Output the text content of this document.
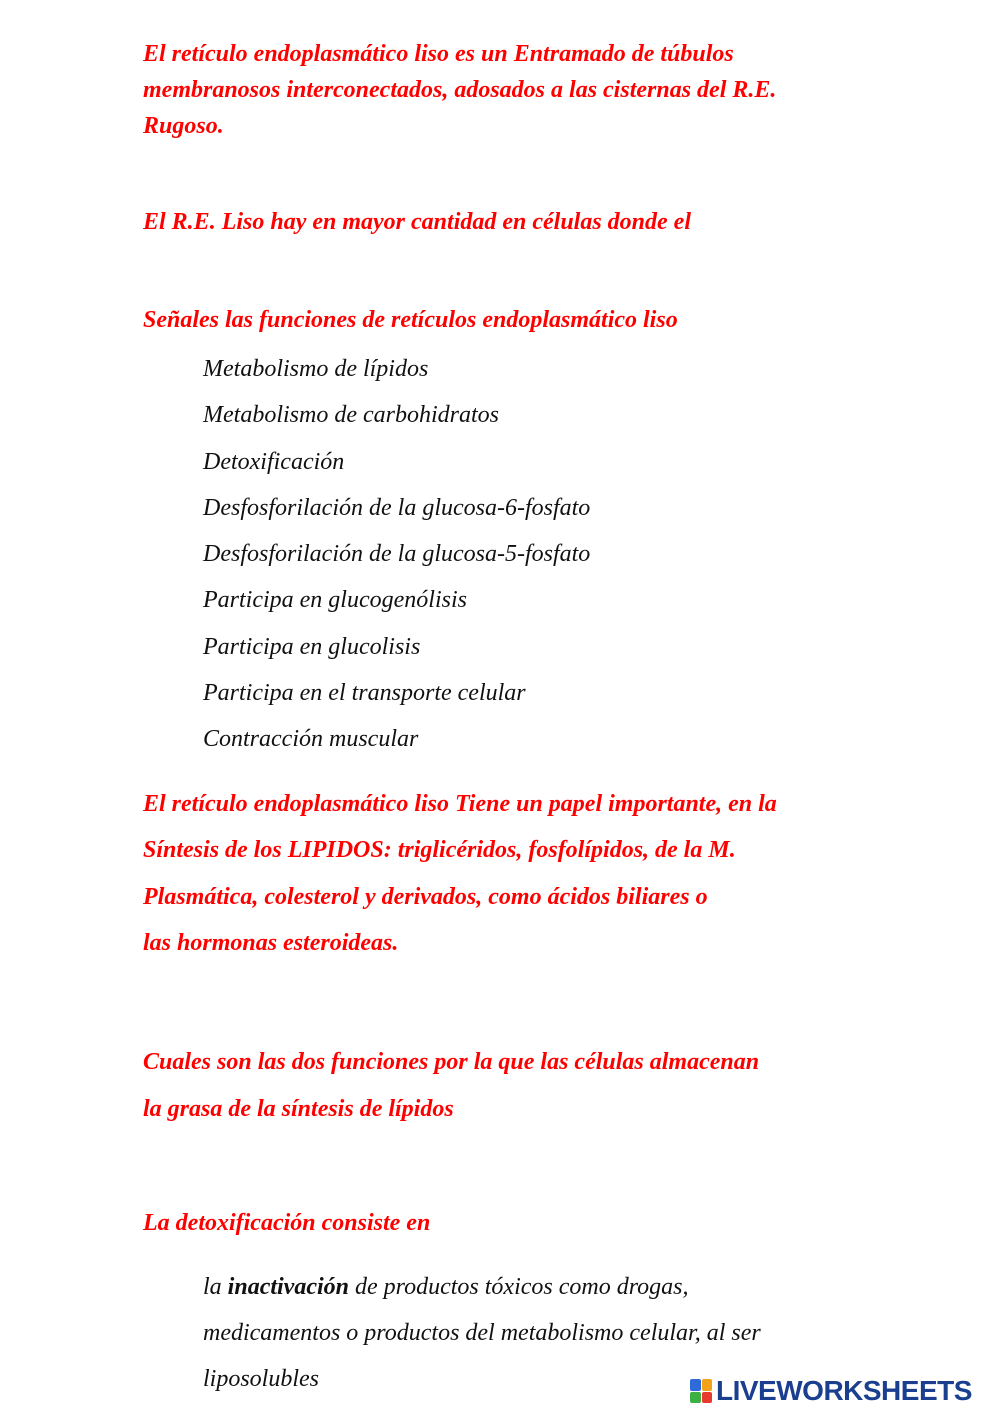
El retículo endoplasmático liso es un Entramado de túbulos
membranosos interconectados, adosados a las cisternas del R.E.
Rugoso.

El R.E. Liso hay en mayor cantidad en células donde el

Señales las funciones de retículos endoplasmático liso

Metabolismo de lípidos
Metabolismo de carbohidratos
Detoxificación
Desfosforilación de la glucosa-6-fosfato
Desfosforilación de la glucosa-5-fosfato
Participa en glucogenólisis
Participa en glucolisis
Participa en el transporte celular
Contracción muscular

El retículo endoplasmático liso Tiene un papel importante, en la
Síntesis de los LIPIDOS: triglicéridos, fosfolípidos, de la M.
Plasmática, colesterol y derivados, como ácidos biliares o
las hormonas esteroideas.

Cuales son las dos funciones por la que las células almacenan
la grasa de la síntesis de lípidos

La detoxificación consiste en

la inactivación de productos tóxicos como drogas,
medicamentos o productos del metabolismo celular, al ser
liposolubles	LIVEWORKSHEETS
